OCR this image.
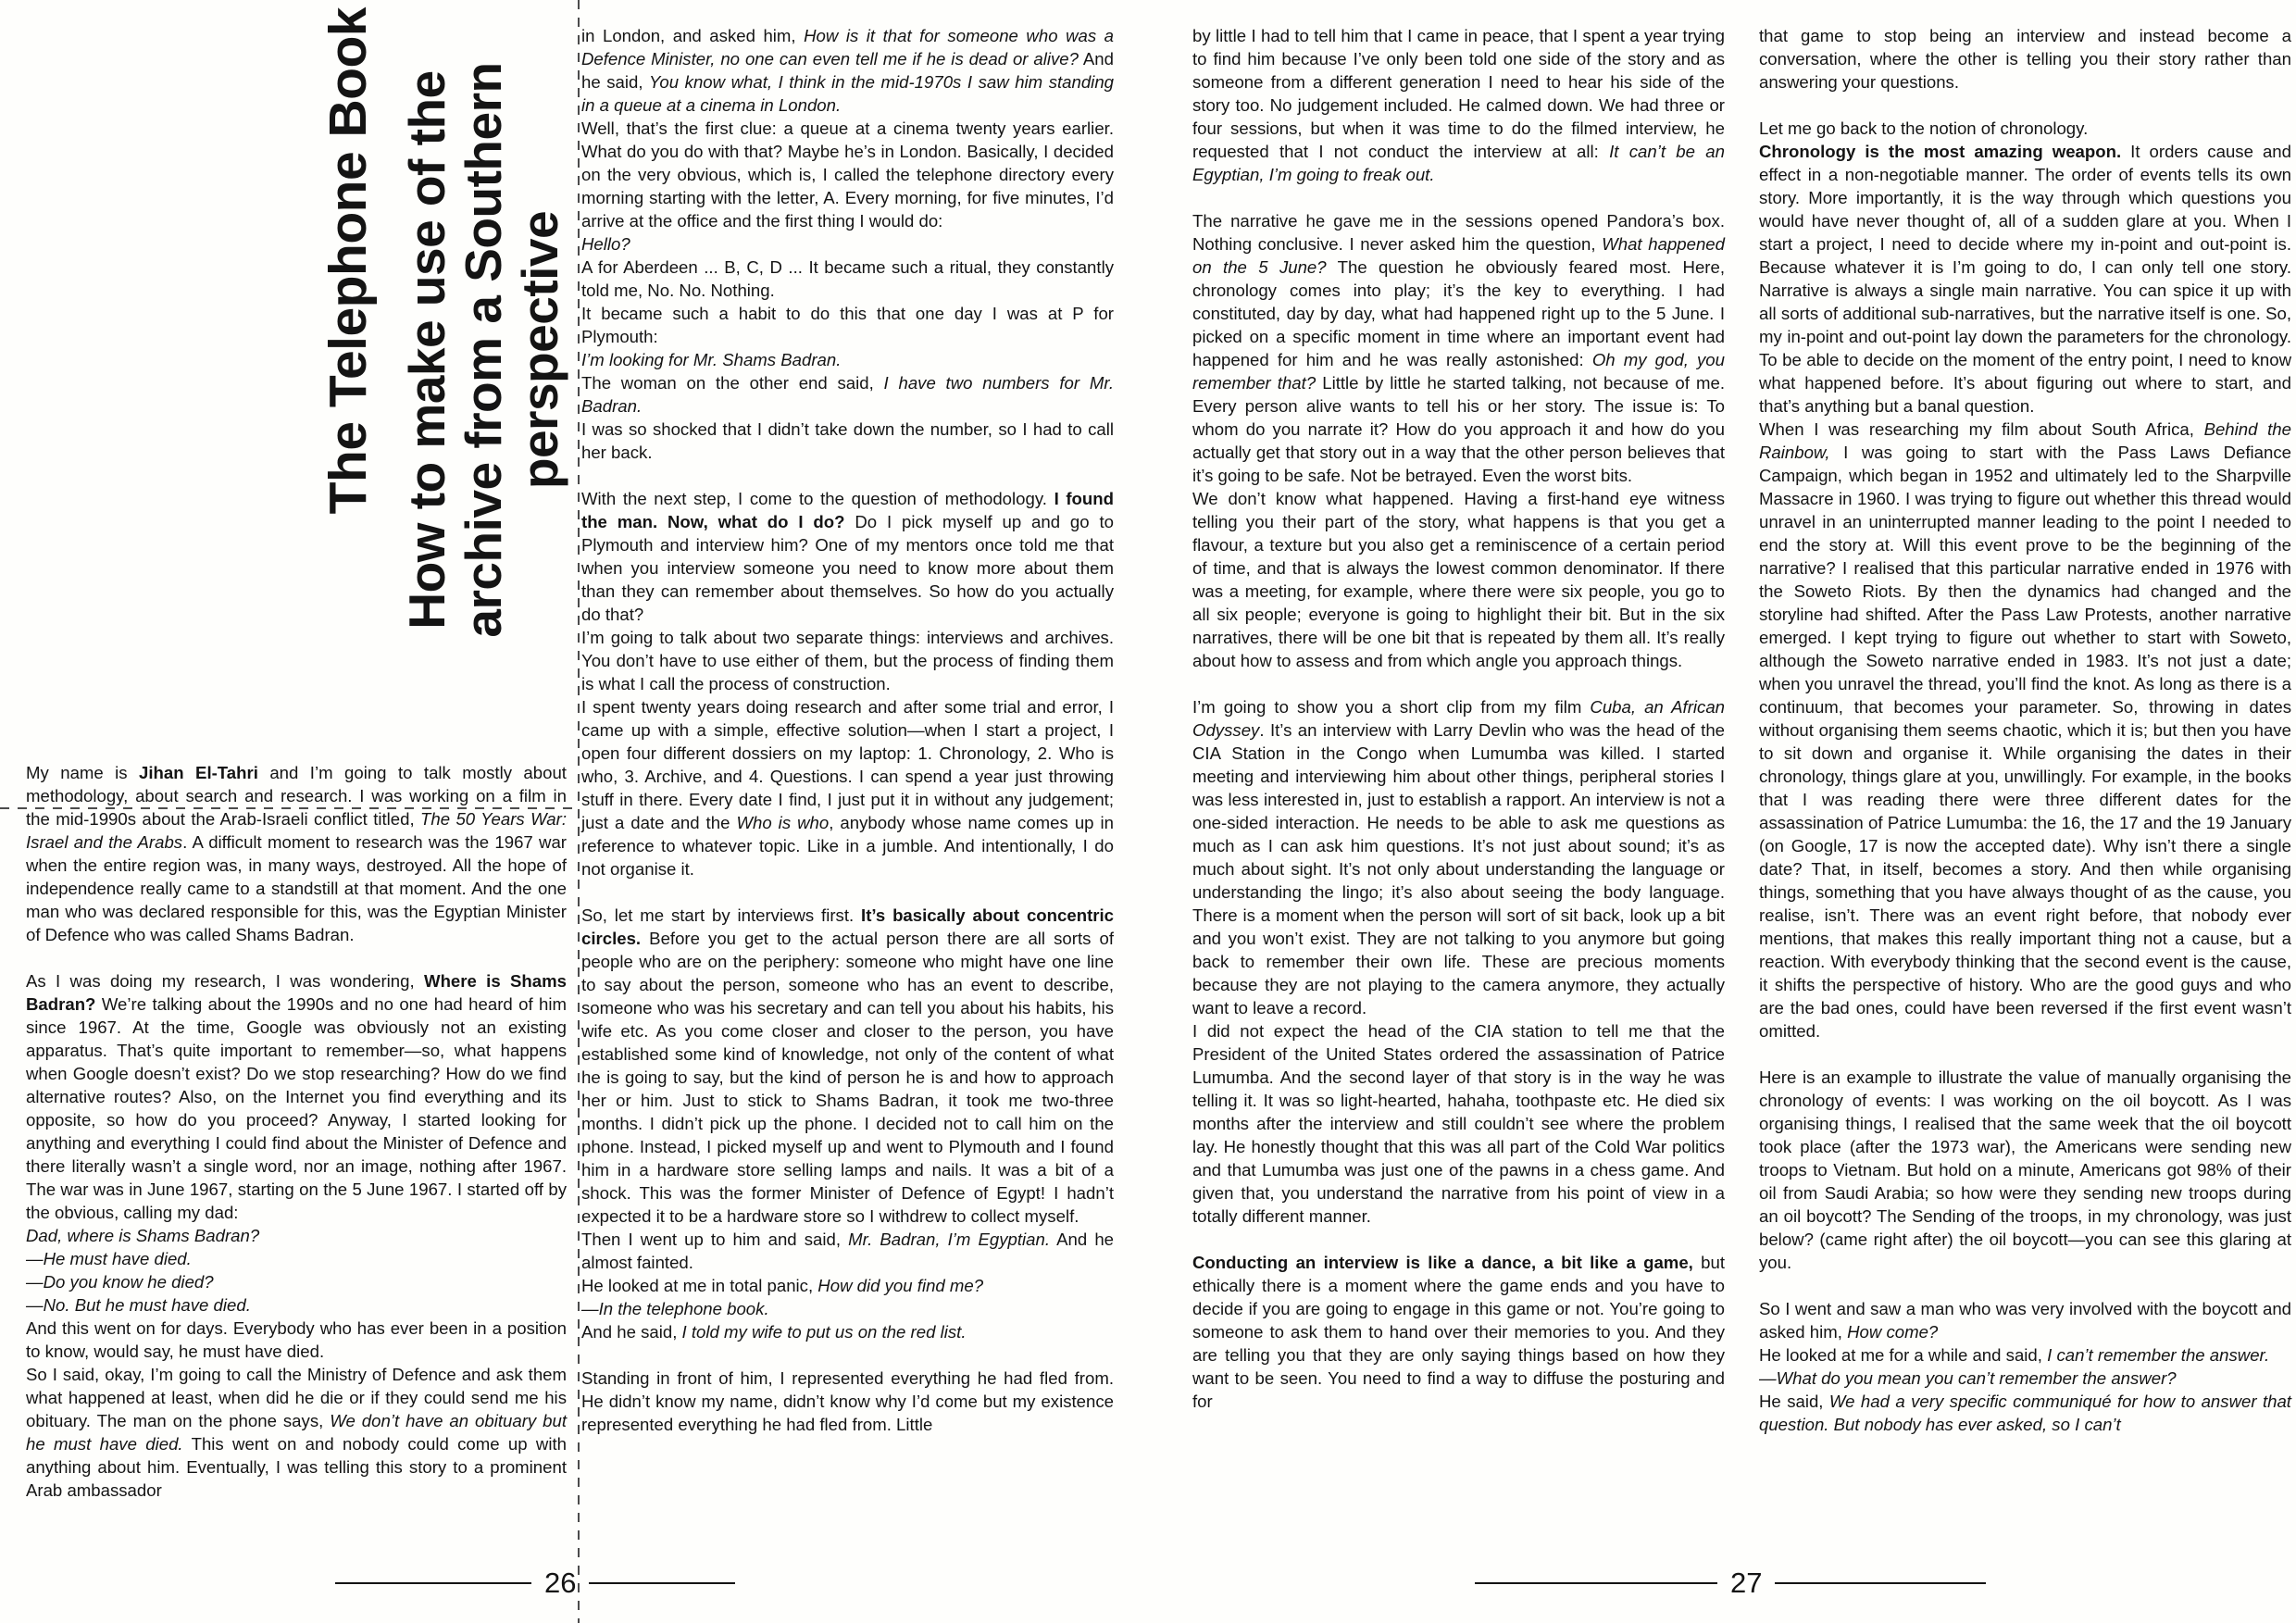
The Telephone Book How to make use of the archive from a Southern perspective

My name is Jihan El-Tahri and I’m going to talk mostly about methodology, about search and research. I was working on a film in the mid-1990s about the Arab-Israeli conflict titled, The 50 Years War: Israel and the Arabs. A difficult moment to research was the 1967 war when the entire region was, in many ways, destroyed. All the hope of independence really came to a standstill at that moment. And the one man who was declared responsible for this, was the Egyptian Minister of Defence who was called Shams Badran.

As I was doing my research, I was wondering, Where is Shams Badran? We’re talking about the 1990s and no one had heard of him since 1967. At the time, Google was obviously not an existing apparatus. That’s quite important to remember—so, what happens when Google doesn’t exist? Do we stop researching? How do we find alternative routes? Also, on the Internet you find everything and its opposite, so how do you proceed? Anyway, I started looking for anything and everything I could find about the Minister of Defence and there literally wasn’t a single word, nor an image, nothing after 1967. The war was in June 1967, starting on the 5 June 1967. I started off by the obvious, calling my dad:

Dad, where is Shams Badran?

—He must have died.

—Do you know he died?

—No. But he must have died.

And this went on for days. Everybody who has ever been in a position to know, would say, he must have died.

So I said, okay, I’m going to call the Ministry of Defence and ask them what happened at least, when did he die or if they could send me his obituary. The man on the phone says, We don’t have an obituary but he must have died. This went on and nobody could come up with anything about him. Eventually, I was telling this story to a prominent Arab ambassador

in London, and asked him, How is it that for someone who was a Defence Minister, no one can even tell me if he is dead or alive? And he said, You know what, I think in the mid-1970s I saw him standing in a queue at a cinema in London.

Well, that’s the first clue: a queue at a cinema twenty years earlier. What do you do with that? Maybe he’s in London. Basically, I decided on the very obvious, which is, I called the telephone directory every morning starting with the letter, A. Every morning, for five minutes, I’d arrive at the office and the first thing I would do:

Hello?

A for Aberdeen ... B, C, D ... It became such a ritual, they constantly told me, No. No. Nothing.

It became such a habit to do this that one day I was at P for Plymouth:

I’m looking for Mr. Shams Badran.

The woman on the other end said, I have two numbers for Mr. Badran.

I was so shocked that I didn’t take down the number, so I had to call her back.

With the next step, I come to the question of methodology. I found the man. Now, what do I do? Do I pick myself up and go to Plymouth and interview him? One of my mentors once told me that when you interview someone you need to know more about them than they can remember about themselves. So how do you actually do that?

I’m going to talk about two separate things: interviews and archives. You don’t have to use either of them, but the process of finding them is what I call the process of construction.

I spent twenty years doing research and after some trial and error, I came up with a simple, effective solution—when I start a project, I open four different dossiers on my laptop: 1. Chronology, 2. Who is who, 3. Archive, and 4. Questions. I can spend a year just throwing stuff in there. Every date I find, I just put it in without any judgement; just a date and the Who is who, anybody whose name comes up in reference to whatever topic. Like in a jumble. And intentionally, I do not organise it.

So, let me start by interviews first. It’s basically about concentric circles. Before you get to the actual person there are all sorts of people who are on the periphery: someone who might have one line to say about the person, someone who has an event to describe, someone who was his secretary and can tell you about his habits, his wife etc. As you come closer and closer to the person, you have established some kind of knowledge, not only of the content of what he is going to say, but the kind of person he is and how to approach her or him. Just to stick to Shams Badran, it took me two-three months. I didn’t pick up the phone. I decided not to call him on the phone. Instead, I picked myself up and went to Plymouth and I found him in a hardware store selling lamps and nails. It was a bit of a shock. This was the former Minister of Defence of Egypt! I hadn’t expected it to be a hardware store so I withdrew to collect myself.

Then I went up to him and said, Mr. Badran, I’m Egyptian. And he almost fainted.

He looked at me in total panic, How did you find me?

—In the telephone book.

And he said, I told my wife to put us on the red list.

Standing in front of him, I represented everything he had fled from. He didn’t know my name, didn’t know why I’d come but my existence represented everything he had fled from. Little

by little I had to tell him that I came in peace, that I spent a year trying to find him because I’ve only been told one side of the story and as someone from a different generation I need to hear his side of the story too. No judgement included. He calmed down. We had three or four sessions, but when it was time to do the filmed interview, he requested that I not conduct the interview at all: It can’t be an Egyptian, I’m going to freak out.

The narrative he gave me in the sessions opened Pandora’s box. Nothing conclusive. I never asked him the question, What happened on the 5 June? The question he obviously feared most. Here, chronology comes into play; it’s the key to everything. I had constituted, day by day, what had happened right up to the 5 June. I picked on a specific moment in time where an important event had happened for him and he was really astonished: Oh my god, you remember that? Little by little he started talking, not because of me. Every person alive wants to tell his or her story. The issue is: To whom do you narrate it? How do you approach it and how do you actually get that story out in a way that the other person believes that it’s going to be safe. Not be betrayed. Even the worst bits.

We don’t know what happened. Having a first-hand eye witness telling you their part of the story, what happens is that you get a flavour, a texture but you also get a reminiscence of a certain period of time, and that is always the lowest common denominator. If there was a meeting, for example, where there were six people, you go to all six people; everyone is going to highlight their bit. But in the six narratives, there will be one bit that is repeated by them all. It’s really about how to assess and from which angle you approach things.

I’m going to show you a short clip from my film Cuba, an African Odyssey. It’s an interview with Larry Devlin who was the head of the CIA Station in the Congo when Lumumba was killed. I started meeting and interviewing him about other things, peripheral stories I was less interested in, just to establish a rapport. An interview is not a one-sided interaction. He needs to be able to ask me questions as much as I can ask him questions. It’s not just about sound; it’s as much about sight. It’s not only about understanding the language or understanding the lingo; it’s also about seeing the body language. There is a moment when the person will sort of sit back, look up a bit and you won’t exist. They are not talking to you anymore but going back to remember their own life. These are precious moments because they are not playing to the camera anymore, they actually want to leave a record.

I did not expect the head of the CIA station to tell me that the President of the United States ordered the assassination of Patrice Lumumba. And the second layer of that story is in the way he was telling it. It was so light-hearted, hahaha, toothpaste etc. He died six months after the interview and still couldn’t see where the problem lay. He honestly thought that this was all part of the Cold War politics and that Lumumba was just one of the pawns in a chess game. And given that, you understand the narrative from his point of view in a totally different manner.

Conducting an interview is like a dance, a bit like a game, but ethically there is a moment where the game ends and you have to decide if you are going to engage in this game or not. You’re going to someone to ask them to hand over their memories to you. And they are telling you that they are only saying things based on how they want to be seen. You need to find a way to diffuse the posturing and for

that game to stop being an interview and instead become a conversation, where the other is telling you their story rather than answering your questions.

Let me go back to the notion of chronology.

Chronology is the most amazing weapon. It orders cause and effect in a non-negotiable manner. The order of events tells its own story. More importantly, it is the way through which questions you would have never thought of, all of a sudden glare at you. When I start a project, I need to decide where my in-point and out-point is. Because whatever it is I’m going to do, I can only tell one story. Narrative is always a single main narrative. You can spice it up with all sorts of additional sub-narratives, but the narrative itself is one. So, my in-point and out-point lay down the parameters for the chronology. To be able to decide on the moment of the entry point, I need to know what happened before. It’s about figuring out where to start, and that’s anything but a banal question.

When I was researching my film about South Africa, Behind the Rainbow, I was going to start with the Pass Laws Defiance Campaign, which began in 1952 and ultimately led to the Sharpville Massacre in 1960. I was trying to figure out whether this thread would unravel in an uninterrupted manner leading to the point I needed to end the story at. Will this event prove to be the beginning of the narrative? I realised that this particular narrative ended in 1976 with the Soweto Riots. By then the dynamics had changed and the storyline had shifted. After the Pass Law Protests, another narrative emerged. I kept trying to figure out whether to start with Soweto, although the Soweto narrative ended in 1983. It’s not just a date; when you unravel the thread, you’ll find the knot. As long as there is a continuum, that becomes your parameter. So, throwing in dates without organising them seems chaotic, which it is; but then you have to sit down and organise it. While organising the dates in their chronology, things glare at you, unwillingly. For example, in the books that I was reading there were three different dates for the assassination of Patrice Lumumba: the 16, the 17 and the 19 January (on Google, 17 is now the accepted date). Why isn’t there a single date? That, in itself, becomes a story. And then while organising things, something that you have always thought of as the cause, you realise, isn’t. There was an event right before, that nobody ever mentions, that makes this really important thing not a cause, but a reaction. With everybody thinking that the second event is the cause, it shifts the perspective of history. Who are the good guys and who are the bad ones, could have been reversed if the first event wasn’t omitted.

Here is an example to illustrate the value of manually organising the chronology of events: I was working on the oil boycott. As I was organising things, I realised that the same week that the oil boycott took place (after the 1973 war), the Americans were sending new troops to Vietnam. But hold on a minute, Americans got 98% of their oil from Saudi Arabia; so how were they sending new troops during an oil boycott? The Sending of the troops, in my chronology, was just below? (came right after) the oil boycott—you can see this glaring at you.

So I went and saw a man who was very involved with the boycott and asked him, How come?

He looked at me for a while and said, I can’t remember the answer.

—What do you mean you can’t remember the answer?

He said, We had a very specific communiqué for how to answer that question. But nobody has ever asked, so I can’t

26	27
